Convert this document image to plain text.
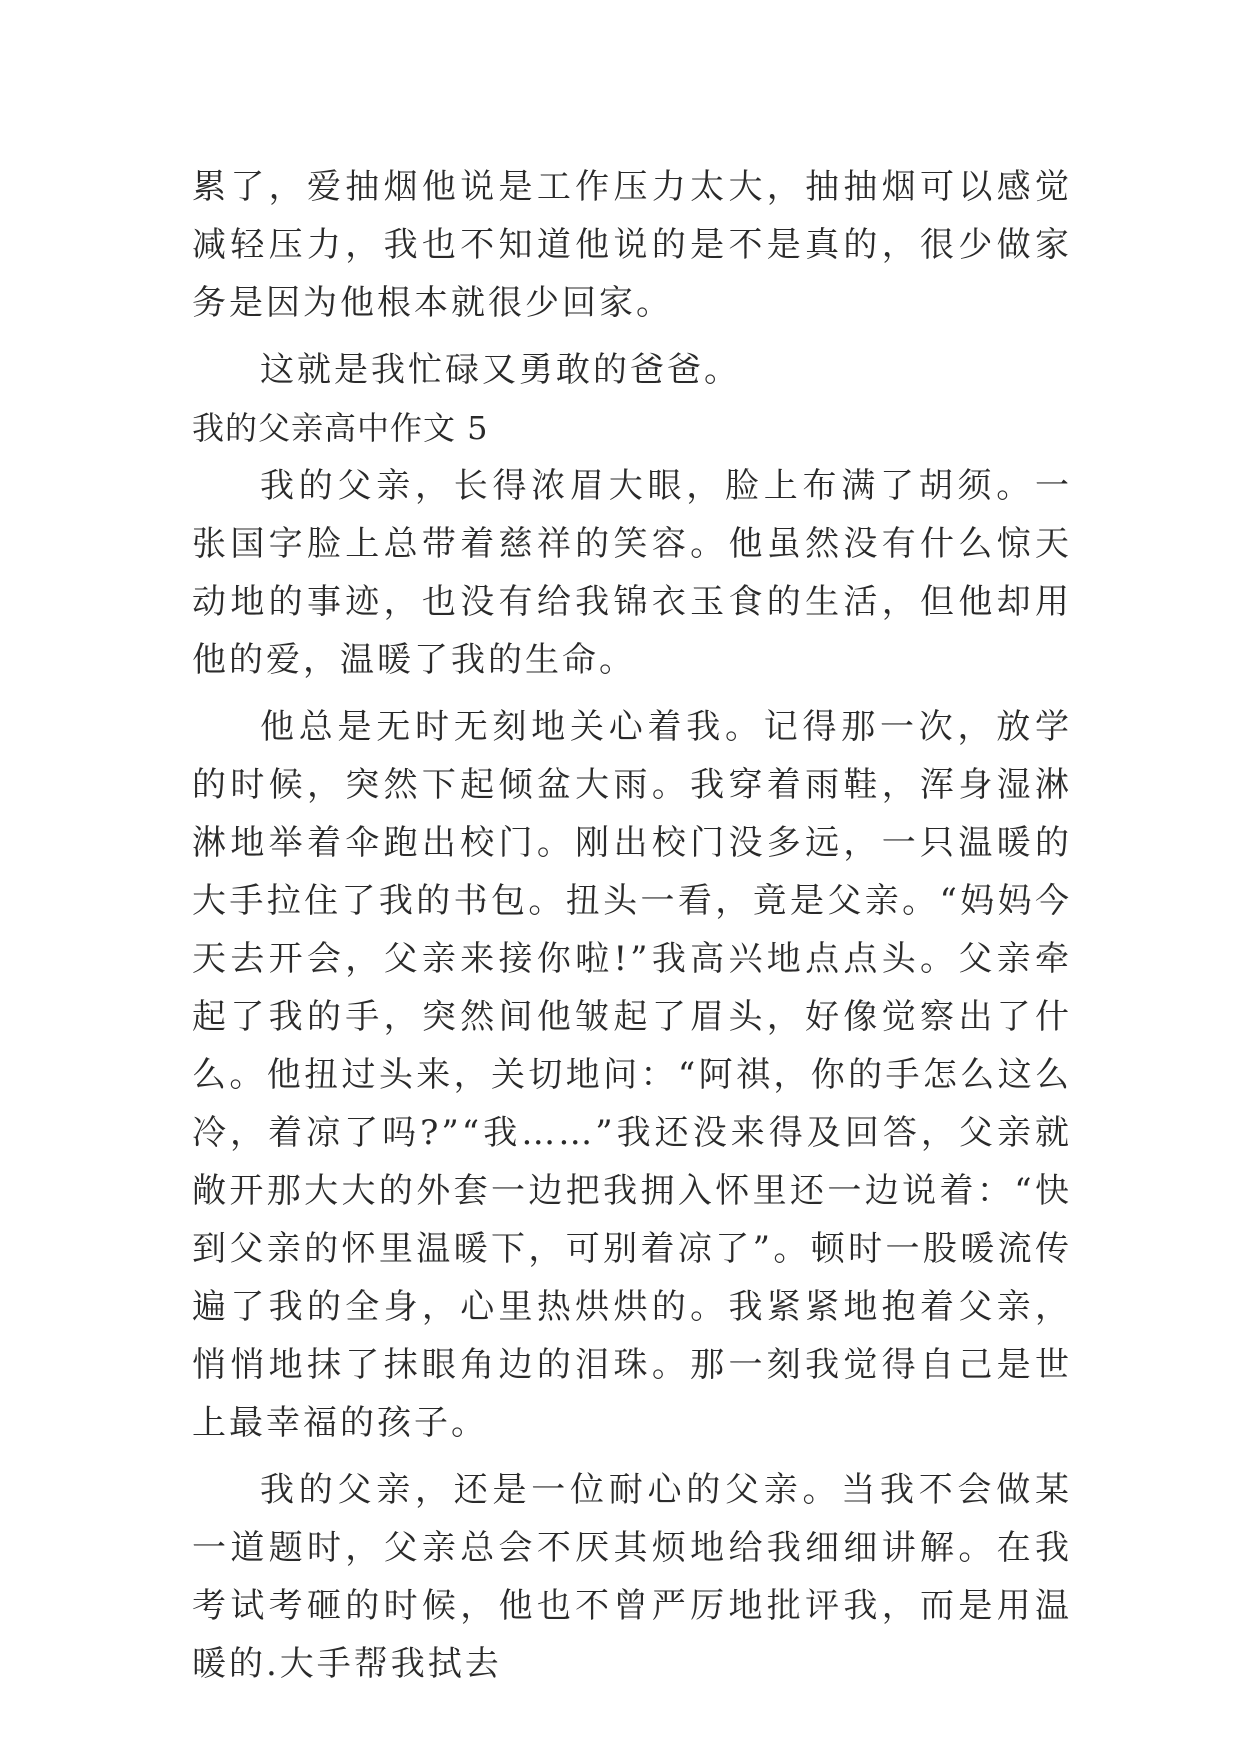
累了，爱抽烟他说是工作压力太大，抽抽烟可以感觉减轻压力，我也不知道他说的是不是真的，很少做家务是因为他根本就很少回家。

这就是我忙碌又勇敢的爸爸。

我的父亲高中作文 5

我的父亲，长得浓眉大眼，脸上布满了胡须。一张国字脸上总带着慈祥的笑容。他虽然没有什么惊天动地的事迹，也没有给我锦衣玉食的生活，但他却用他的爱，温暖了我的生命。

他总是无时无刻地关心着我。记得那一次，放学的时候，突然下起倾盆大雨。我穿着雨鞋，浑身湿淋淋地举着伞跑出校门。刚出校门没多远，一只温暖的大手拉住了我的书包。扭头一看，竟是父亲。“妈妈今天去开会，父亲来接你啦!”我高兴地点点头。父亲牵起了我的手，突然间他皱起了眉头，好像觉察出了什么。他扭过头来，关切地问：“阿祺，你的手怎么这么冷，着凉了吗?”“我……”我还没来得及回答，父亲就敞开那大大的外套一边把我拥入怀里还一边说着：“快到父亲的怀里温暖下，可别着凉了”。顿时一股暖流传遍了我的全身，心里热烘烘的。我紧紧地抱着父亲，悄悄地抹了抹眼角边的泪珠。那一刻我觉得自己是世上最幸福的孩子。

我的父亲，还是一位耐心的父亲。当我不会做某一道题时，父亲总会不厌其烦地给我细细讲解。在我考试考砸的时候，他也不曾严厉地批评我，而是用温暖的.大手帮我拭去
